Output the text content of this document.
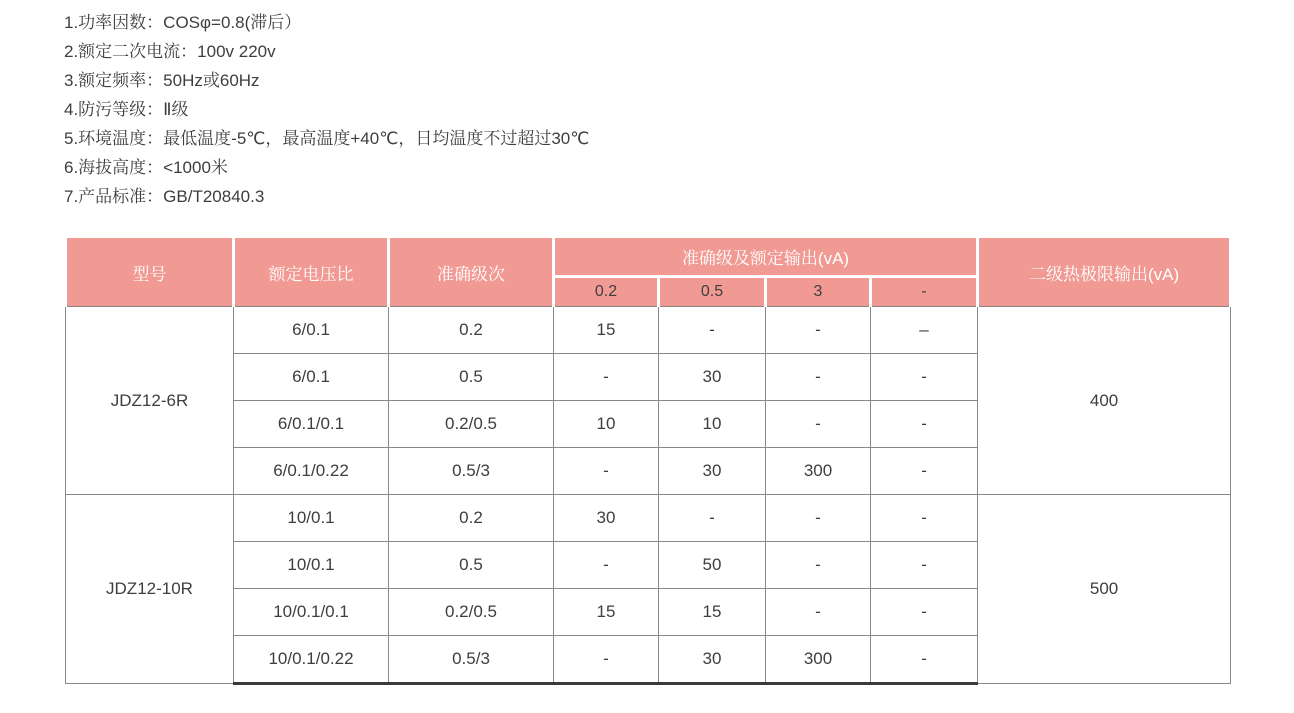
1.功率因数：COSφ=0.8(滞后）
2.额定二次电流：100v 220v
3.额定频率：50Hz或60Hz
4.防污等级：Ⅱ级
5.环境温度：最低温度-5℃，最高温度+40℃，日均温度不过超过30℃
6.海拔高度：<1000米
7.产品标准：GB/T20840.3
型号	额定电压比	准确级次	准确级及额定输出(vA)				二级热极限输出(vA)
			0.2	0.5	3	-	
JDZ12-6R	6/0.1	0.2	15	-	-	–	400
	6/0.1	0.5	-	30	-	-	
	6/0.1/0.1	0.2/0.5	10	10	-	-	
	6/0.1/0.22	0.5/3	-	30	300	-	
JDZ12-10R	10/0.1	0.2	30	-	-	-	500
	10/0.1	0.5	-	50	-	-	
	10/0.1/0.1	0.2/0.5	15	15	-	-	
	10/0.1/0.22	0.5/3	-	30	300	-	
